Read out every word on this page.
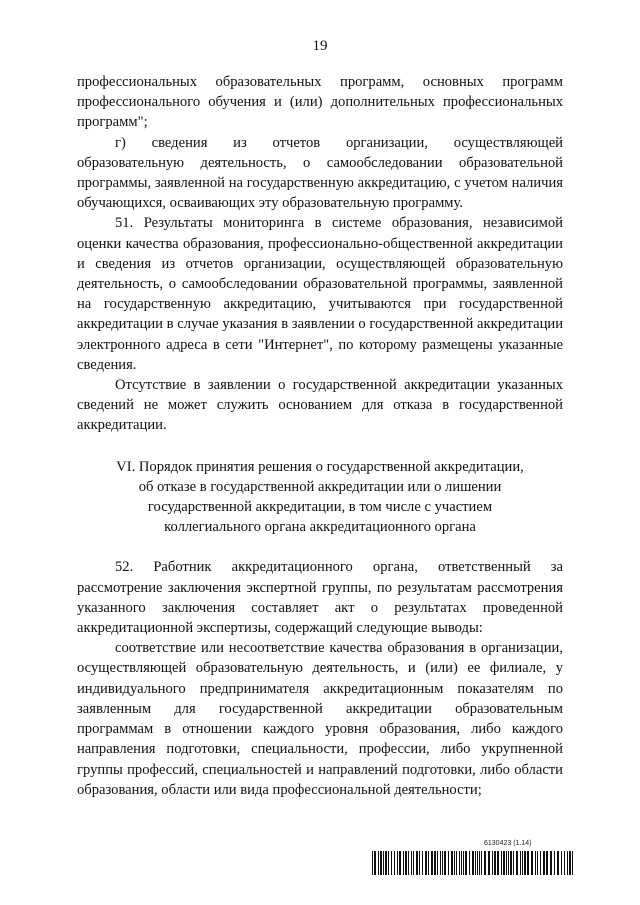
19

профессиональных образовательных программ, основных программ профессионального обучения и (или) дополнительных профессиональных программ";

г) сведения из отчетов организации, осуществляющей образовательную деятельность, о самообследовании образовательной программы, заявленной на государственную аккредитацию, с учетом наличия обучающихся, осваивающих эту образовательную программу.

51. Результаты мониторинга в системе образования, независимой оценки качества образования, профессионально-общественной аккредитации и сведения из отчетов организации, осуществляющей образовательную деятельность, о самообследовании образовательной программы, заявленной на государственную аккредитацию, учитываются при государственной аккредитации в случае указания в заявлении о государственной аккредитации электронного адреса в сети "Интернет", по которому размещены указанные сведения.

Отсутствие в заявлении о государственной аккредитации указанных сведений не может служить основанием для отказа в государственной аккредитации.

VI. Порядок принятия решения о государственной аккредитации,
об отказе в государственной аккредитации или о лишении
государственной аккредитации, в том числе с участием
коллегиального органа аккредитационного органа

52. Работник аккредитационного органа, ответственный за рассмотрение заключения экспертной группы, по результатам рассмотрения указанного заключения составляет акт о результатах проведенной аккредитационной экспертизы, содержащий следующие выводы:

соответствие или несоответствие качества образования в организации, осуществляющей образовательную деятельность, и (или) ее филиале, у индивидуального предпринимателя аккредитационным показателям по заявленным для государственной аккредитации образовательным программам в отношении каждого уровня образования, либо каждого направления подготовки, специальности, профессии, либо укрупненной группы профессий, специальностей и направлений подготовки, либо области образования, области или вида профессиональной деятельности;

6130423 (1.14)
